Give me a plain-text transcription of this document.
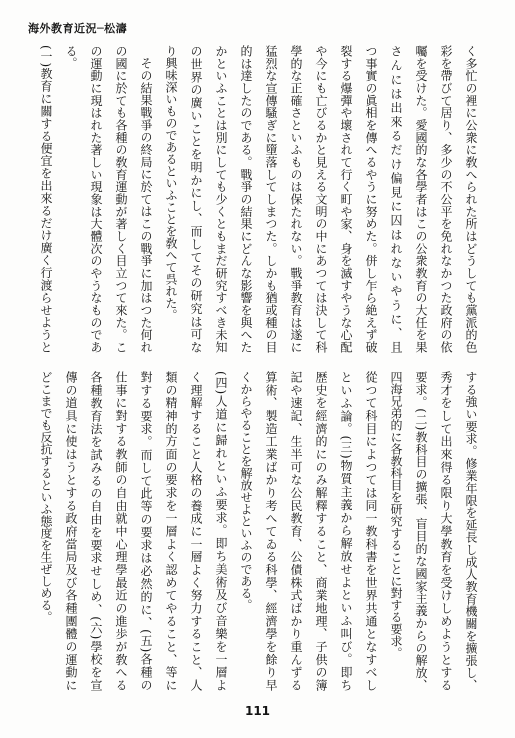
海外教育近況─松濤
く多忙の裡に公衆に敎へられた所はどうしても黨派的色
彩を帶びて居り、多少の不公平を免れなかつた政府の依
囑を受けた。愛國的な各學者はこの公衆教育の大任を果
さんには出來るだけ偏見に囚はれないやうに、且
つ事實の眞相を傳へるやうに努めた。併し乍ら絶えず破
裂する爆彈や壞されて行く町や家、身を滅すやうな心配
や今にも亡びるかと見える文明の中にあつては決して科
學的な正確さといふものは保たれない。戰爭教育は遂に
猛烈な宣傳騷ぎに墮落してしまつた。しかも猶或種の目
的は達したのである。戰爭の結果にどんな影響を與へた
かといふことは別にしても少くともまだ研究すべき未知
の世界の廣いことを明かにし、而してその研究は可な
り興味深いものであるといふことを敎へて呉れた。
その結果戰爭の終局に於てはこの戰爭に加はつた何れ
の國に於ても各種の敎育運動が著しく目立つて來た。こ
の運動に現はれた著しい現象は大體次のやうなものであ
る。
(一)教育に關する便宜を出來るだけ廣く行渡らせようと
する強い要求。修業年限を延長し成人教育機關を擴張し、
秀才をして出來得る限り大學教育を受けしめようとする
要求。(二)教科目の擴張、盲目的な國家主義からの解放、
四海兄弟的に各教科目を研究することに對する要求。
從つて科目によつては同一教科書を世界共通となすべし
といふ論。(三)物質主義から解放せよといふ叫び。即ち
歴史を經濟的にのみ解釋すること、商業地理、子供の簿
記や速記、生半可な公民教育、公債株式ばかり重んずる
算術、製造工業ばかり考へてゐる科學、經濟學を餘り早
くからやることを解放せよといふのである。
(四)人道に歸れといふ要求。即ち美術及び音樂を一層よ
く理解すること人格の養成に一層よく努力すること、人
類の精神的方面の要求を一層よく認めてやること、等に
對する要求。而して此等の要求は必然的に、(五)各種の
仕事に對する教師の自由就中心理學最近の進歩が敎へる
各種教育法を試みるの自由を要求せしめ、(六)學校を宣
傳の道具に使はうとする政府當局及び各種團體の運動に
どこまでも反抗するといふ態度を生ぜしめる。
111
